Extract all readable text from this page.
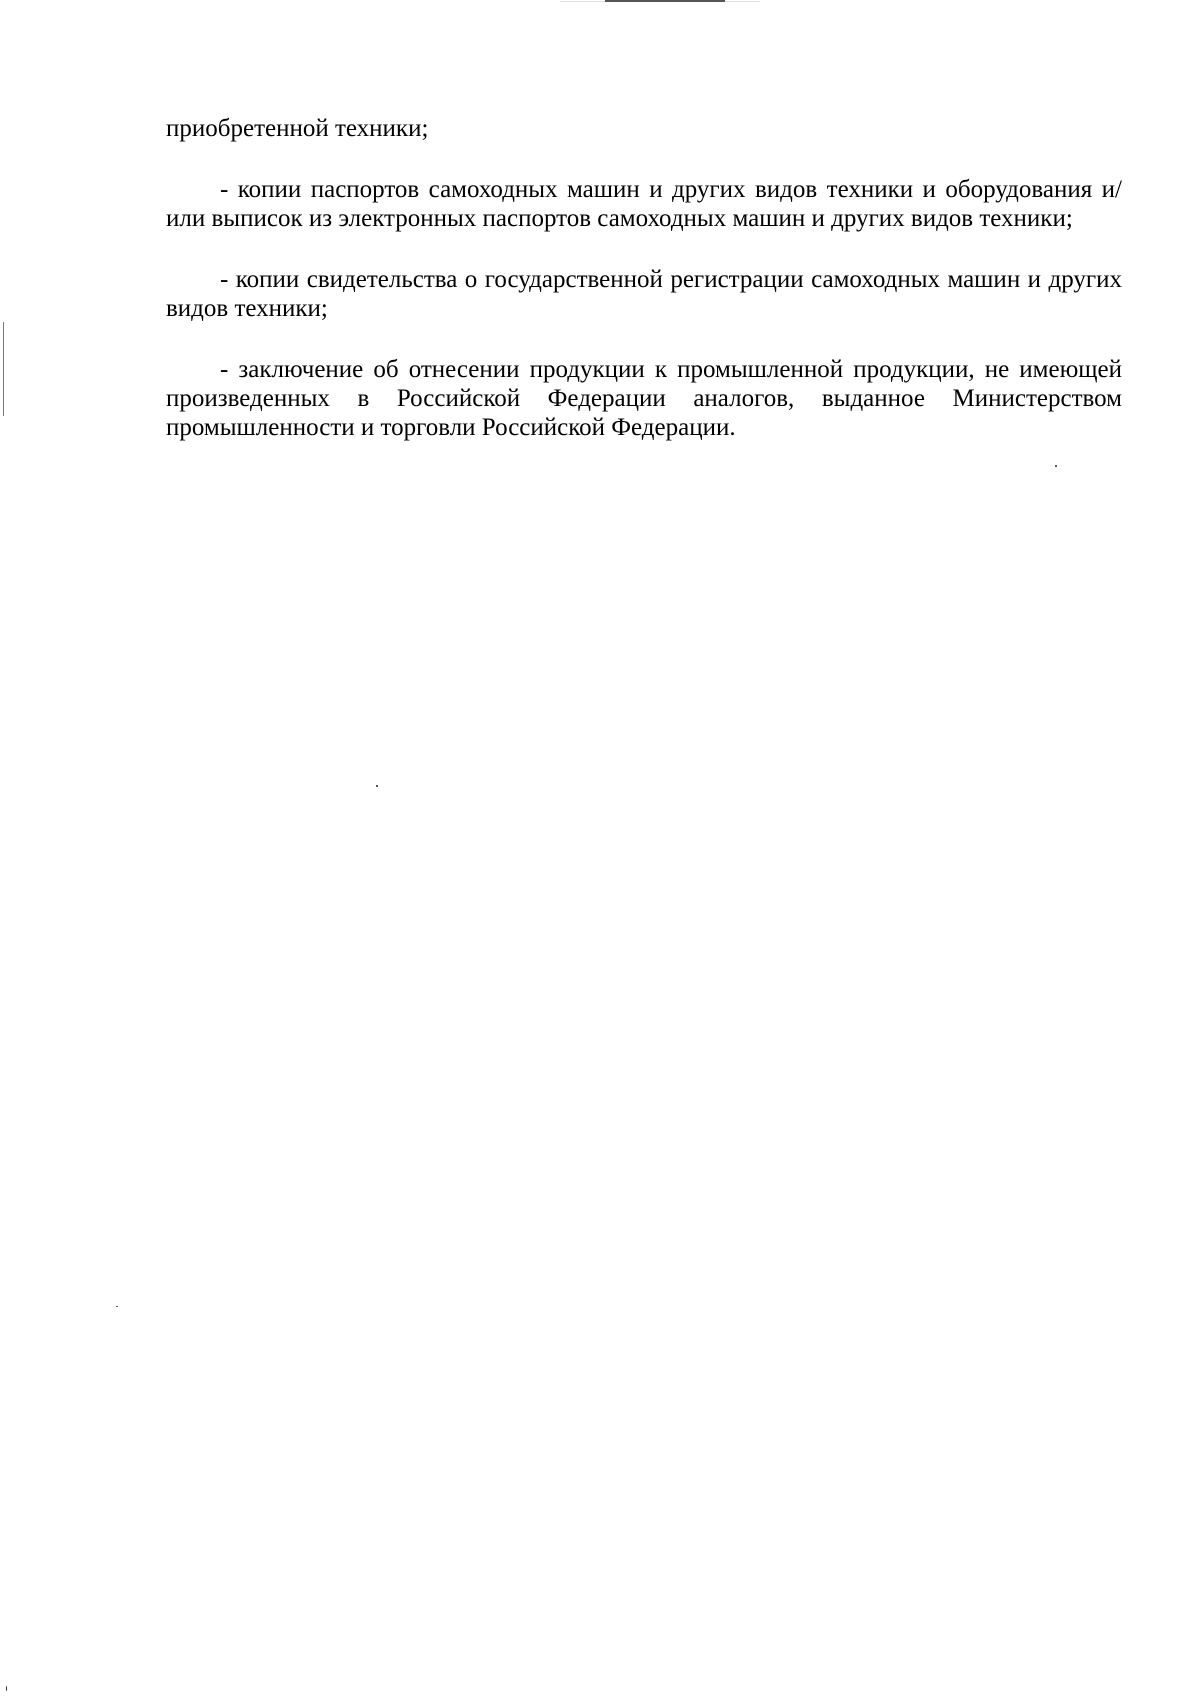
приобретенной техники;

- копии паспортов самоходных машин и других видов техники и оборудования и/или выписок из электронных паспортов самоходных машин и других видов техники;

- копии свидетельства о государственной регистрации самоходных машин и других видов техники;

- заключение об отнесении продукции к промышленной продукции, не имеющей произведенных в Российской Федерации аналогов, выданное Министерством промышленности и торговли Российской Федерации.
